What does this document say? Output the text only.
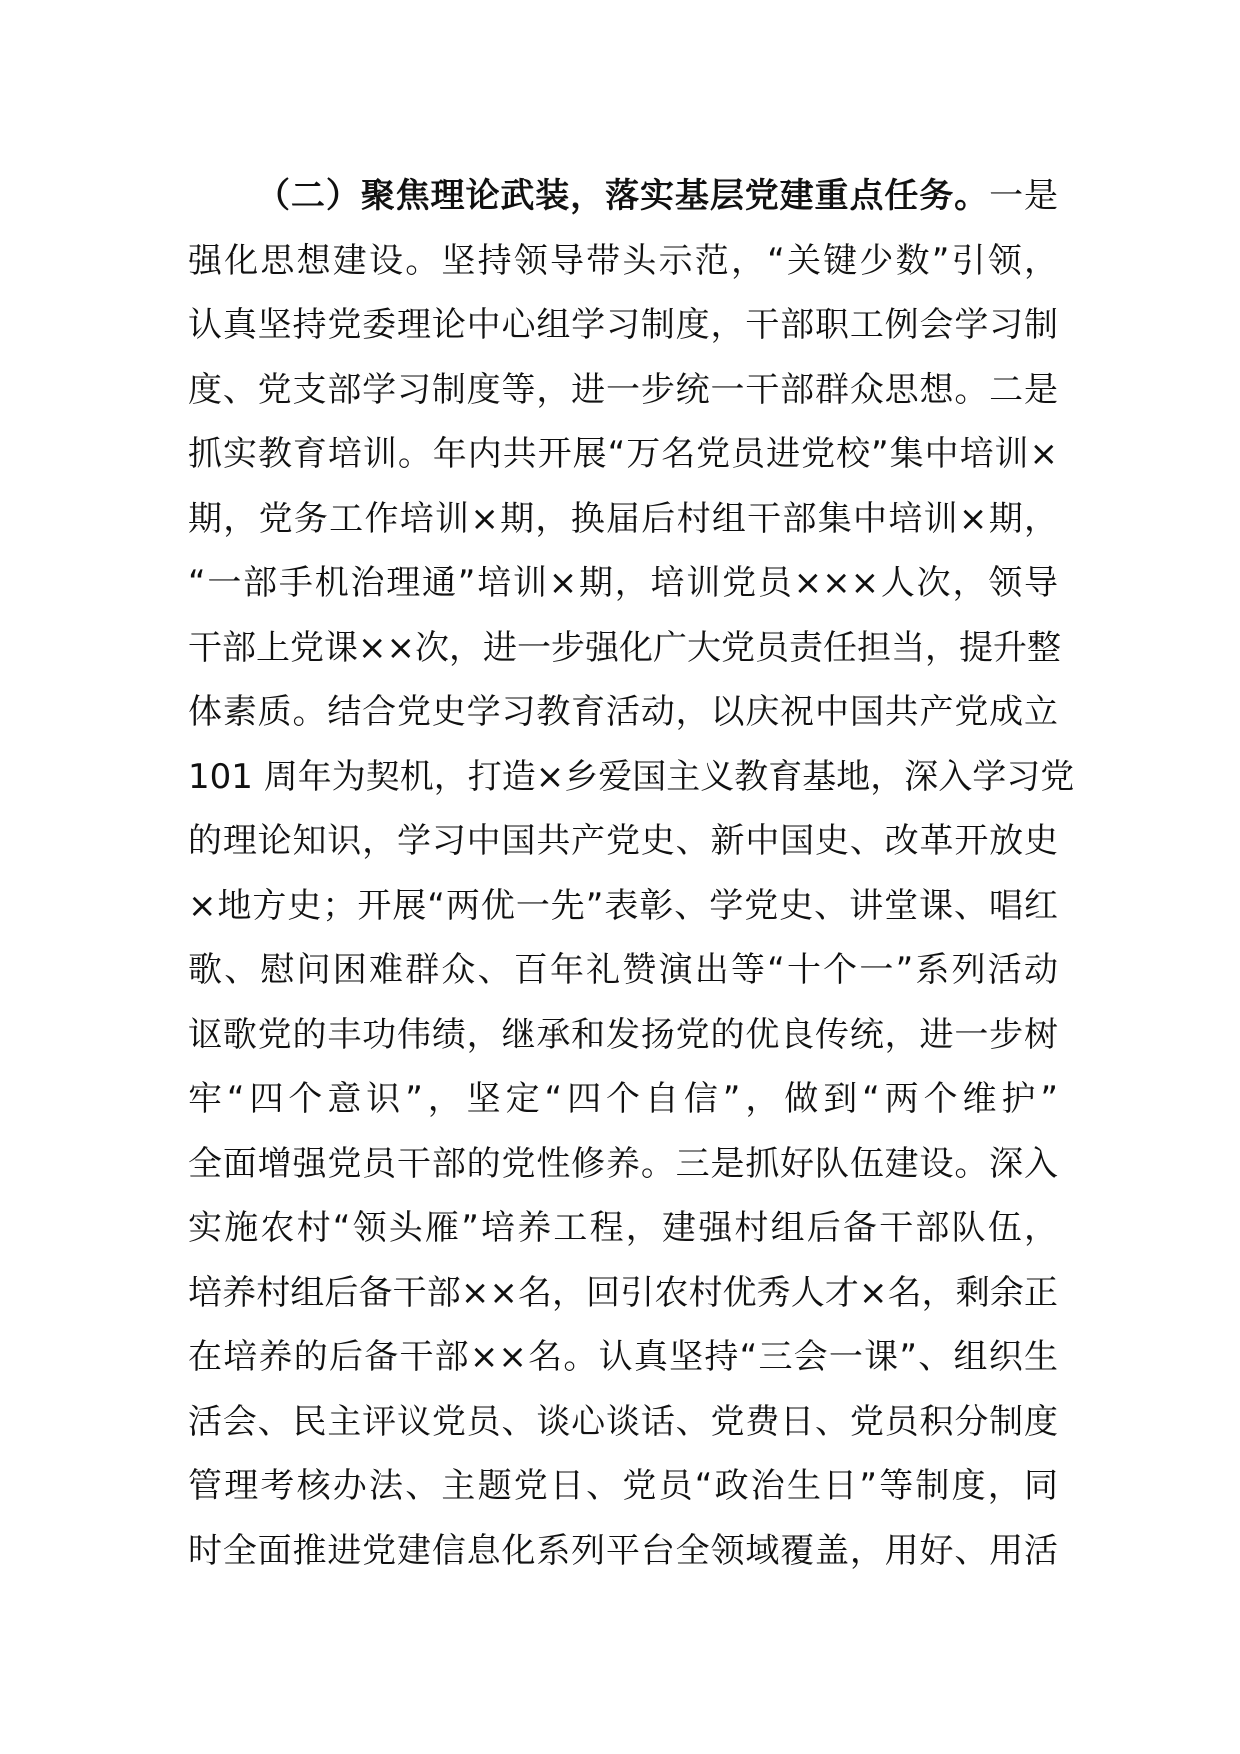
（二）聚焦理论武装，落实基层党建重点任务。一是
强化思想建设。坚持领导带头示范，“关键少数”引领，
认真坚持党委理论中心组学习制度，干部职工例会学习制
度、党支部学习制度等，进一步统一干部群众思想。二是
抓实教育培训。年内共开展“万名党员进党校”集中培训×
期，党务工作培训×期，换届后村组干部集中培训×期，
“一部手机治理通”培训×期，培训党员×××人次，领导
干部上党课××次，进一步强化广大党员责任担当，提升整
体素质。结合党史学习教育活动，以庆祝中国共产党成立
101 周年为契机，打造×乡爱国主义教育基地，深入学习党
的理论知识，学习中国共产党史、新中国史、改革开放史
×地方史；开展“两优一先”表彰、学党史、讲堂课、唱红
歌、慰问困难群众、百年礼赞演出等“十个一”系列活动
讴歌党的丰功伟绩，继承和发扬党的优良传统，进一步树
牢“四个意识”，坚定“四个自信”，做到“两个维护”
全面增强党员干部的党性修养。三是抓好队伍建设。深入
实施农村“领头雁”培养工程，建强村组后备干部队伍，
培养村组后备干部××名，回引农村优秀人才×名，剩余正
在培养的后备干部××名。认真坚持“三会一课”、组织生
活会、民主评议党员、谈心谈话、党费日、党员积分制度
管理考核办法、主题党日、党员“政治生日”等制度，同
时全面推进党建信息化系列平台全领域覆盖，用好、用活
